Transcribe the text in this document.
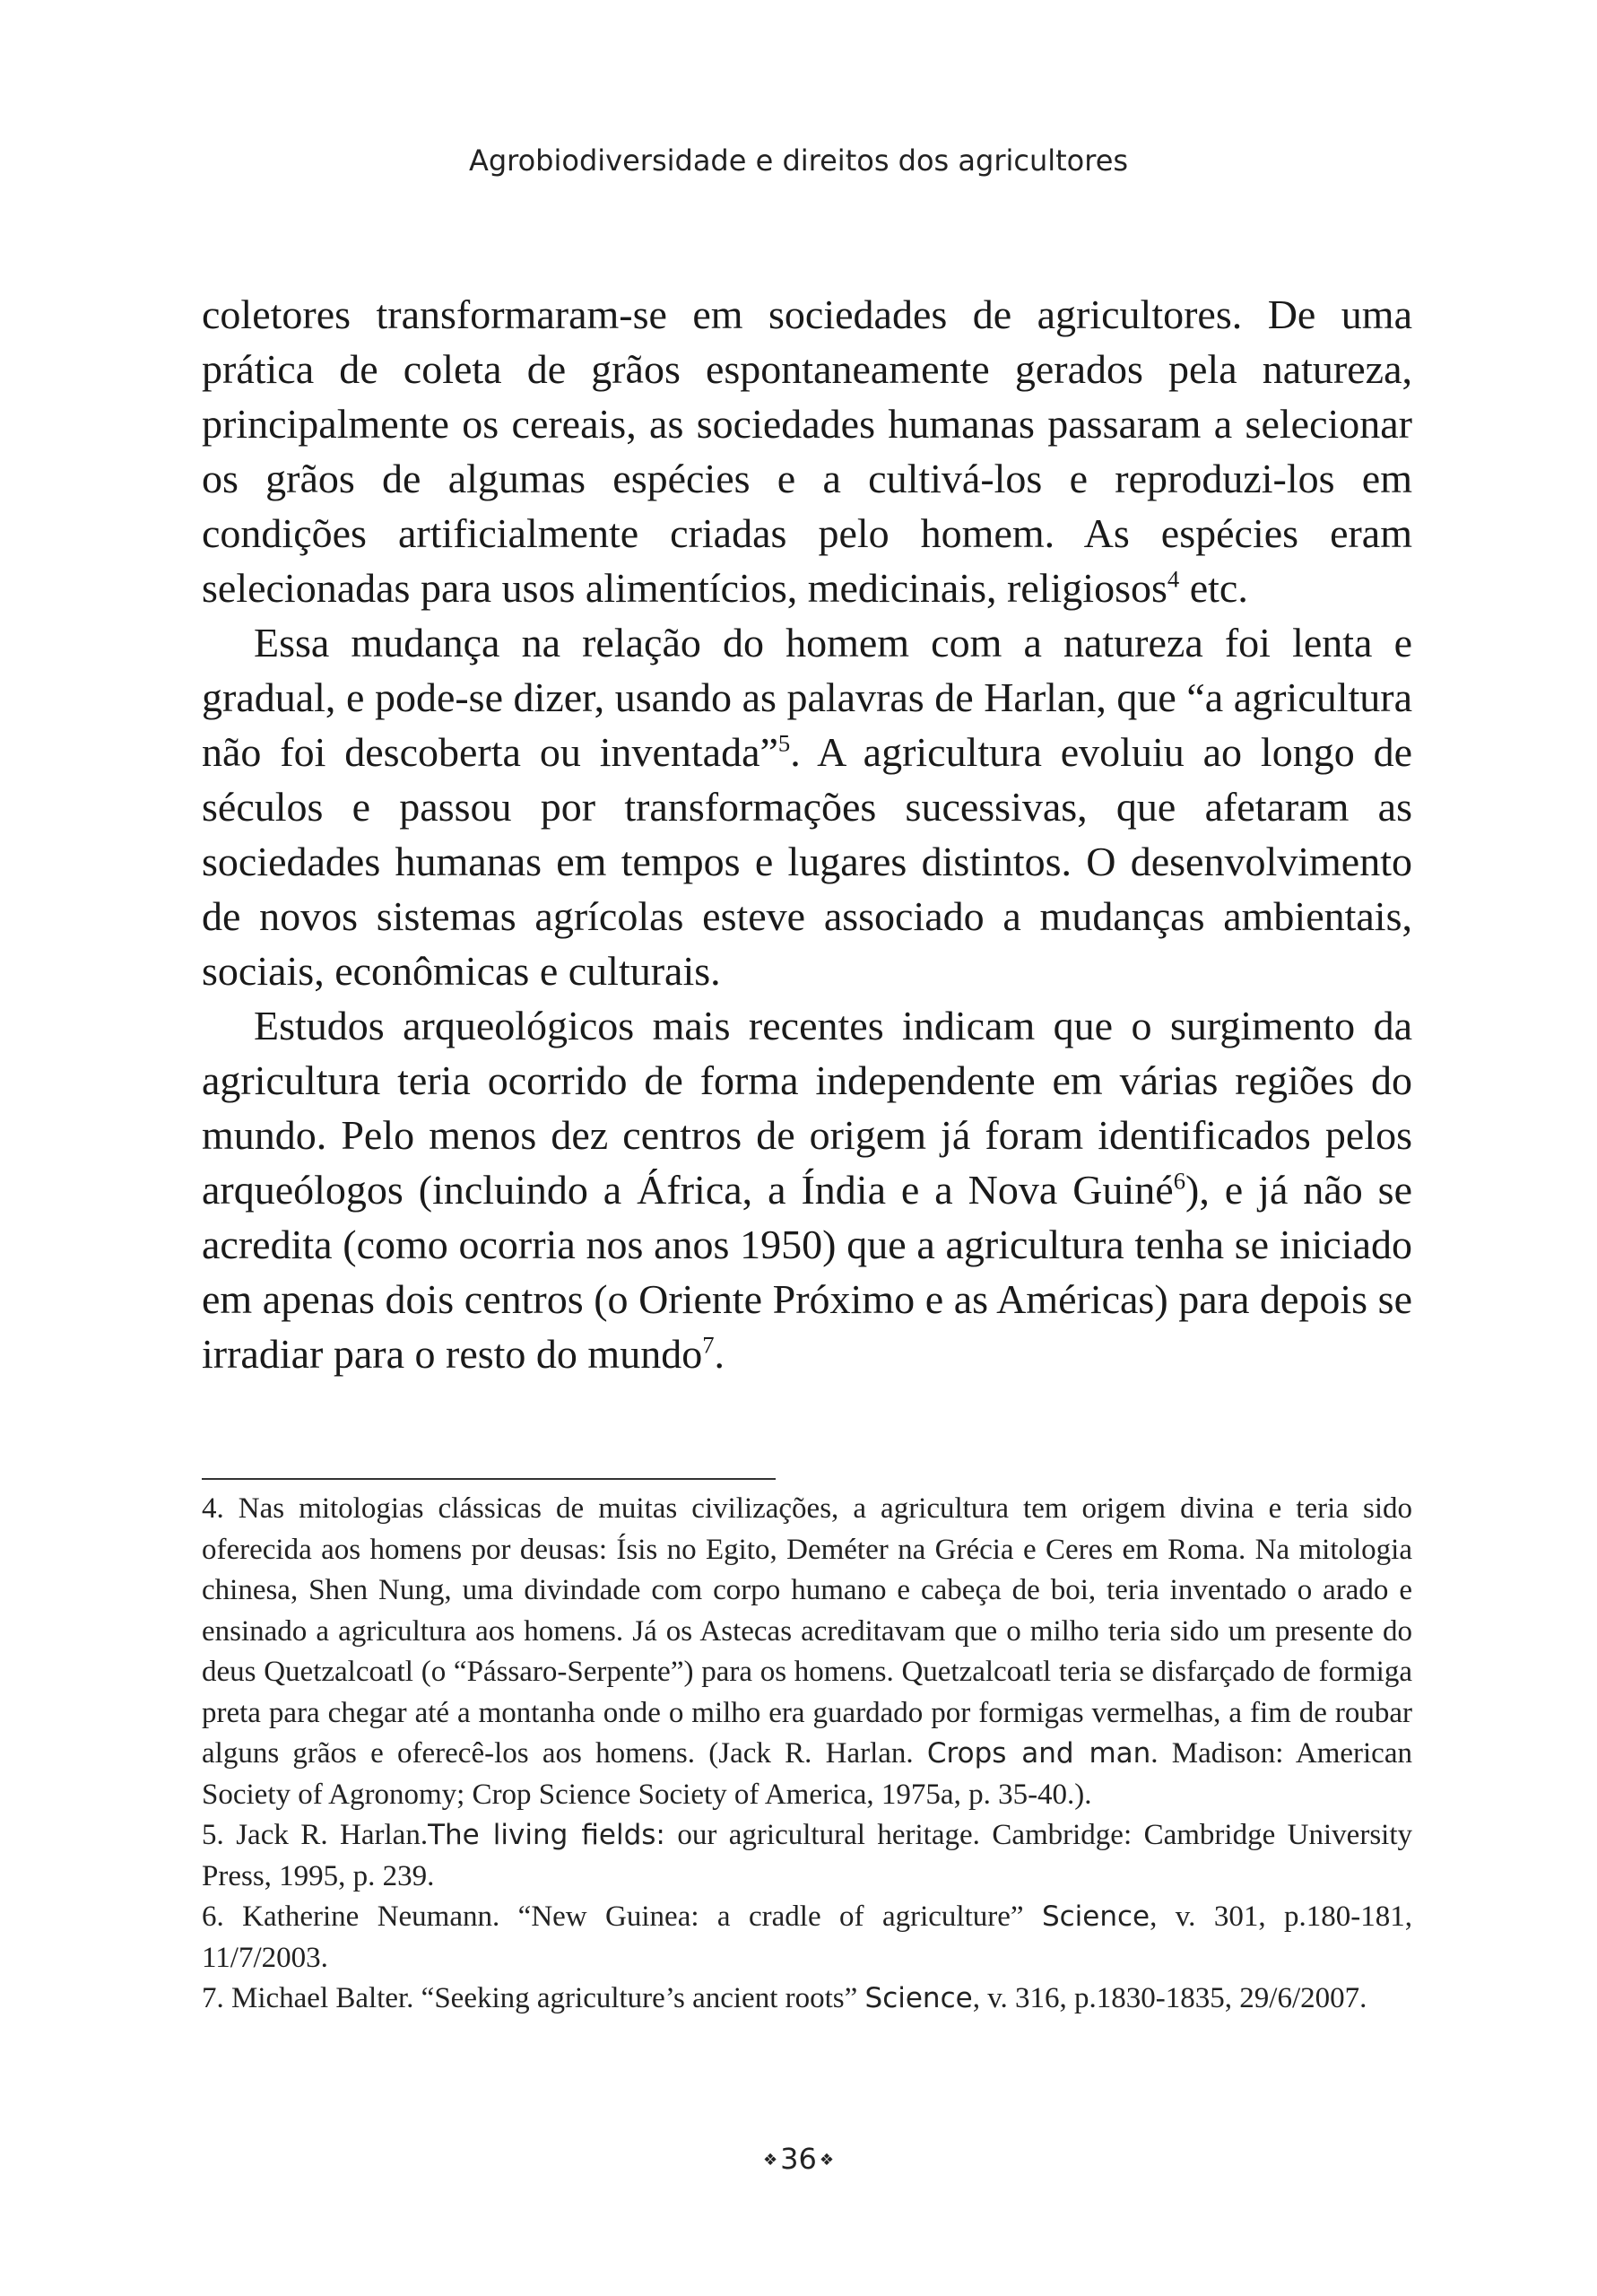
Agrobiodiversidade e direitos dos agricultores

coletores transformaram-se em sociedades de agricultores. De uma prática de coleta de grãos espontaneamente gerados pela natureza, principalmente os cereais, as sociedades humanas passaram a selecionar os grãos de algumas espécies e a cultivá-los e reproduzi-los em condições artificialmente criadas pelo homem. As espécies eram selecionadas para usos alimentícios, medicinais, religiosos$^4$ etc.

Essa mudança na relação do homem com a natureza foi lenta e gradual, e pode-se dizer, usando as palavras de Harlan, que “a agricultura não foi descoberta ou inventada”$^5$. A agricultura evoluiu ao longo de séculos e passou por transformações sucessivas, que afetaram as sociedades humanas em tempos e lugares distintos. O desenvolvimento de novos sistemas agrícolas esteve associado a mudanças ambientais, sociais, econômicas e culturais.

Estudos arqueológicos mais recentes indicam que o surgimento da agricultura teria ocorrido de forma independente em várias regiões do mundo. Pelo menos dez centros de origem já foram identificados pelos arqueólogos (incluindo a África, a Índia e a Nova Guiné$^6$), e já não se acredita (como ocorria nos anos 1950) que a agricultura tenha se iniciado em apenas dois centros (o Oriente Próximo e as Américas) para depois se irradiar para o resto do mundo$^7$.

4. Nas mitologias clássicas de muitas civilizações, a agricultura tem origem divina e teria sido oferecida aos homens por deusas: Ísis no Egito, Deméter na Grécia e Ceres em Roma. Na mitologia chinesa, Shen Nung, uma divindade com corpo humano e cabeça de boi, teria inventado o arado e ensinado a agricultura aos homens. Já os Astecas acreditavam que o milho teria sido um presente do deus Quetzalcoatl (o “Pássaro-Serpente”) para os homens. Quetzalcoatl teria se disfarçado de formiga preta para chegar até a montanha onde o milho era guardado por formigas vermelhas, a fim de roubar alguns grãos e oferecê-los aos homens. (Jack R. Harlan. Crops and man. Madison: American Society of Agronomy; Crop Science Society of America, 1975a, p. 35-40.).

5. Jack R. Harlan.The living fields: our agricultural heritage. Cambridge: Cambridge University Press, 1995, p. 239.

6. Katherine Neumann. “New Guinea: a cradle of agriculture” Science, v. 301, p.180-181, 11/7/2003.

7. Michael Balter. “Seeking agriculture’s ancient roots” Science, v. 316, p.1830-1835, 29/6/2007.

❖36 ❖
